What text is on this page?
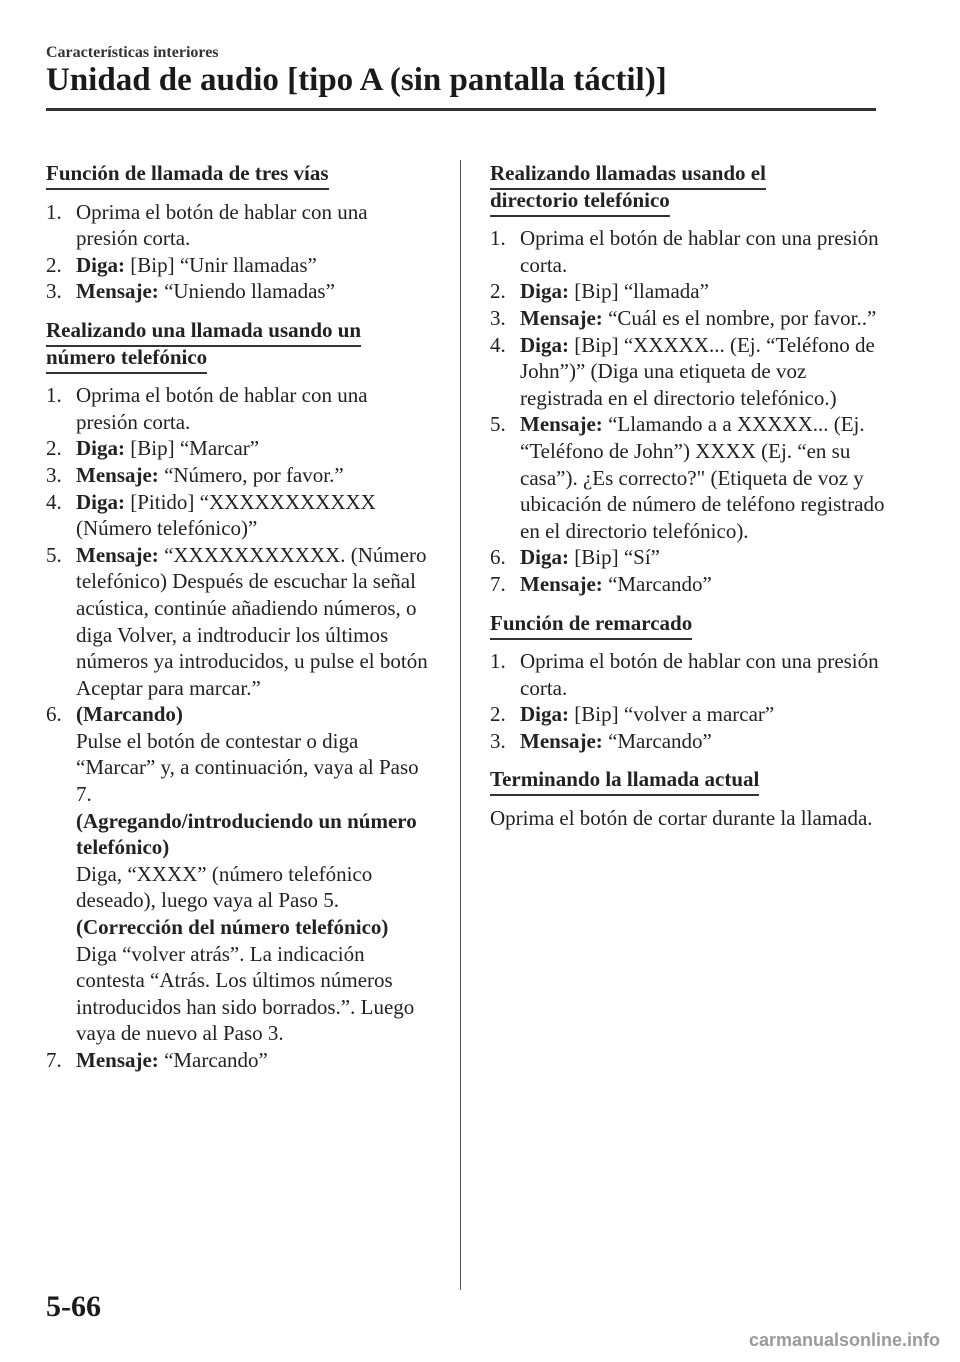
Características interiores
Unidad de audio [tipo A (sin pantalla táctil)]
Función de llamada de tres vías
1. Oprima el botón de hablar con una presión corta.
2. Diga: [Bip] “Unir llamadas”
3. Mensaje: “Uniendo llamadas”
Realizando una llamada usando un
número telefónico
1. Oprima el botón de hablar con una presión corta.
2. Diga: [Bip] “Marcar”
3. Mensaje: “Número, por favor.”
4. Diga: [Pitido] “XXXXXXXXXXX (Número telefónico)”
5. Mensaje: “XXXXXXXXXXX. (Número telefónico) Después de escuchar la señal acústica, continúe añadiendo números, o diga Volver, a indtroducir los últimos números ya introducidos, u pulse el botón Aceptar para marcar.”
6. (Marcando)
Pulse el botón de contestar o diga “Marcar” y, a continuación, vaya al Paso 7.
(Agregando/introduciendo un número telefónico)
Diga, “XXXX” (número telefónico deseado), luego vaya al Paso 5.
(Corrección del número telefónico)
Diga “volver atrás”. La indicación contesta “Atrás. Los últimos números introducidos han sido borrados.”. Luego vaya de nuevo al Paso 3.
7. Mensaje: “Marcando”
Realizando llamadas usando el
directorio telefónico
1. Oprima el botón de hablar con una presión corta.
2. Diga: [Bip] “llamada”
3. Mensaje: “Cuál es el nombre, por favor..”
4. Diga: [Bip] “XXXXX... (Ej. “Teléfono de John”)” (Diga una etiqueta de voz registrada en el directorio telefónico.)
5. Mensaje: “Llamando a a XXXXX... (Ej. “Teléfono de John”) XXXX (Ej. “en su casa”). ¿Es correcto?" (Etiqueta de voz y ubicación de número de teléfono registrado en el directorio telefónico).
6. Diga: [Bip] “Sí”
7. Mensaje: “Marcando”
Función de remarcado
1. Oprima el botón de hablar con una presión corta.
2. Diga: [Bip] “volver a marcar”
3. Mensaje: “Marcando”
Terminando la llamada actual

Oprima el botón de cortar durante la llamada.

5-66
carmanualsonline.info
